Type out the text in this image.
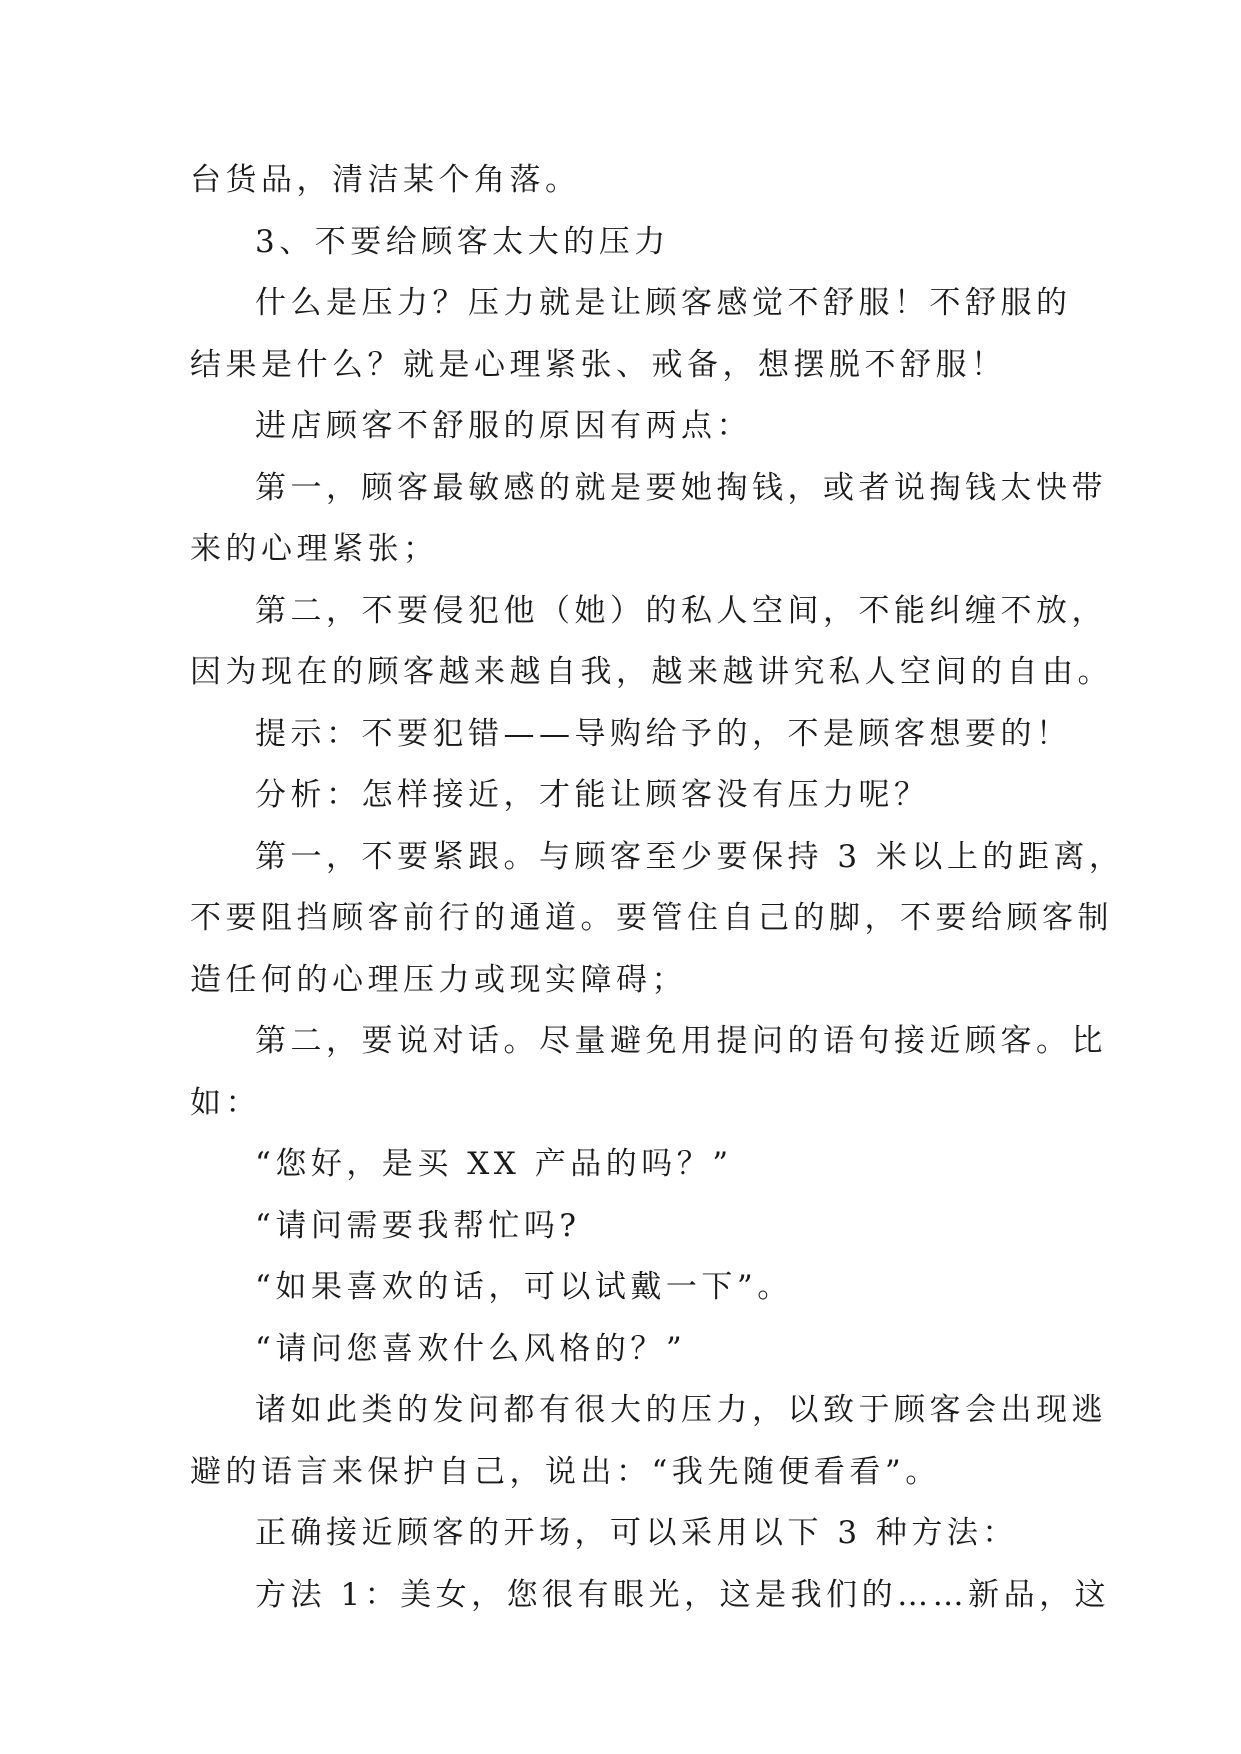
台货品，清洁某个角落。

3、不要给顾客太大的压力

什么是压力？压力就是让顾客感觉不舒服！不舒服的

结果是什么？就是心理紧张、戒备，想摆脱不舒服！

进店顾客不舒服的原因有两点：

第一，顾客最敏感的就是要她掏钱，或者说掏钱太快带

来的心理紧张；

第二，不要侵犯他（她）的私人空间，不能纠缠不放，

因为现在的顾客越来越自我，越来越讲究私人空间的自由。

提示：不要犯错——导购给予的，不是顾客想要的！

分析：怎样接近，才能让顾客没有压力呢？

第一，不要紧跟。与顾客至少要保持 3 米以上的距离，

不要阻挡顾客前行的通道。要管住自己的脚，不要给顾客制

造任何的心理压力或现实障碍；

第二，要说对话。尽量避免用提问的语句接近顾客。比

如：

“您好，是买 XX 产品的吗？”

“请问需要我帮忙吗?

“如果喜欢的话，可以试戴一下”。

“请问您喜欢什么风格的？”

诸如此类的发问都有很大的压力，以致于顾客会出现逃

避的语言来保护自己，说出：“我先随便看看”。

正确接近顾客的开场，可以采用以下 3 种方法：

方法 1：美女，您很有眼光，这是我们的……新品，这
